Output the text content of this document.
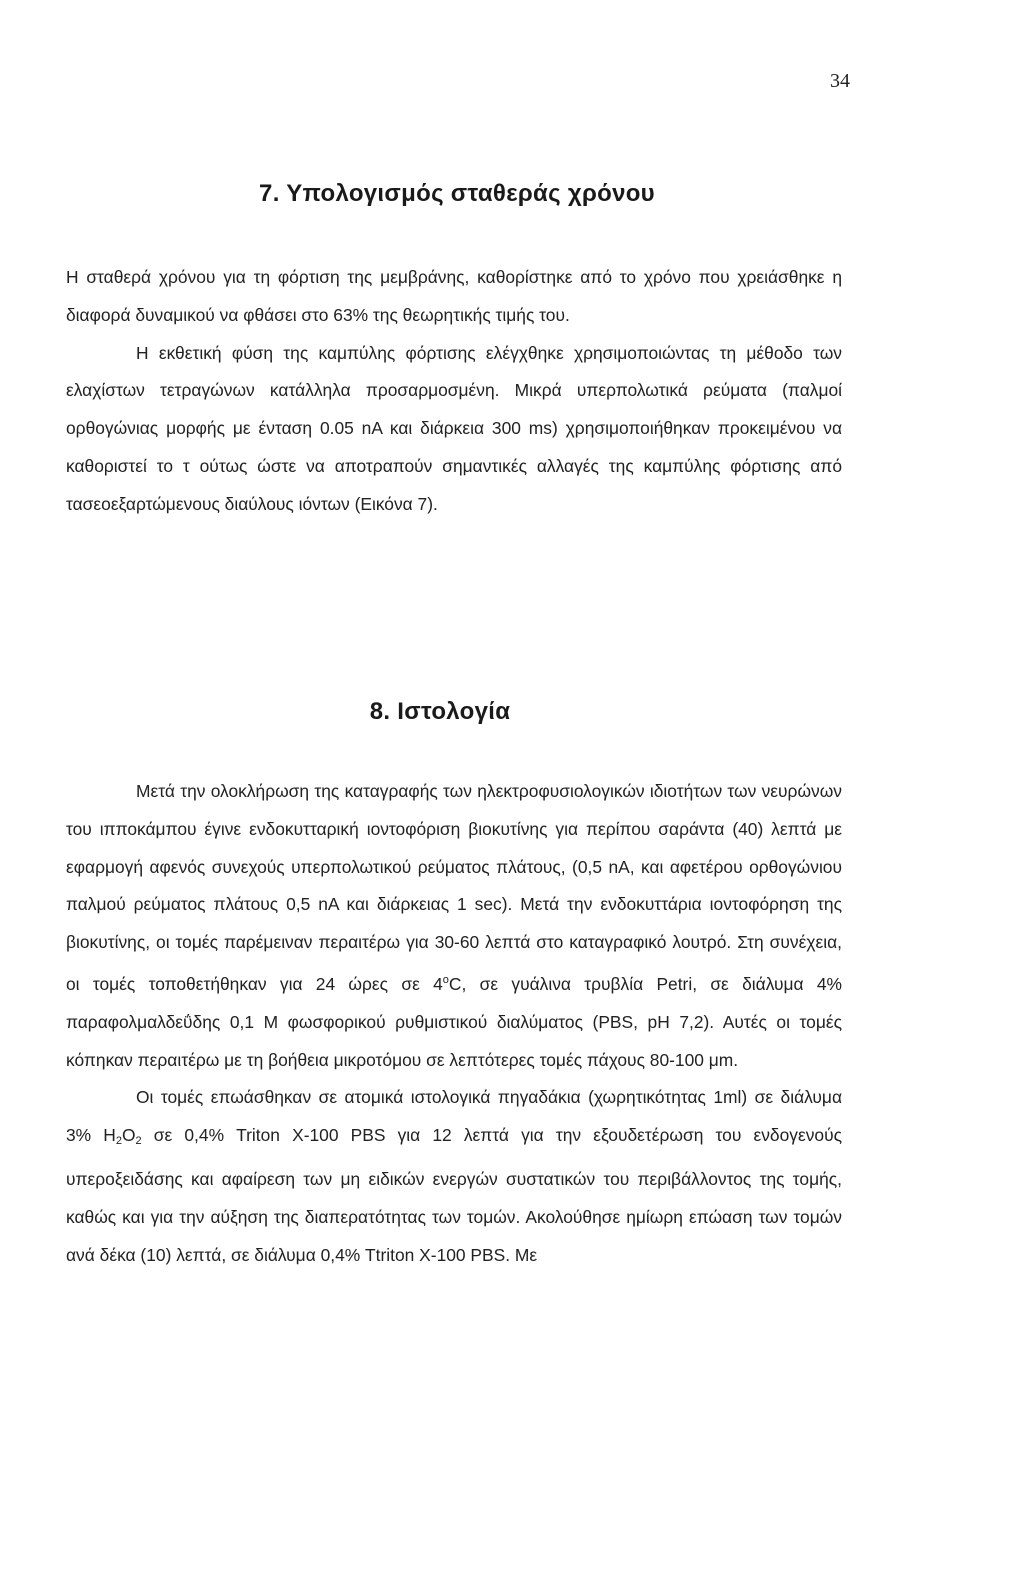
34
7. Υπολογισμός σταθεράς χρόνου

Η σταθερά χρόνου για τη φόρτιση της μεμβράνης, καθορίστηκε από το χρόνο που χρειάσθηκε η διαφορά δυναμικού να φθάσει στο 63% της θεωρητικής τιμής του.

Η εκθετική φύση της καμπύλης φόρτισης ελέγχθηκε χρησιμοποιώντας τη μέθοδο των ελαχίστων τετραγώνων κατάλληλα προσαρμοσμένη. Μικρά υπερπολωτικά ρεύματα (παλμοί ορθογώνιας μορφής με ένταση 0.05 nA και διάρκεια 300 ms) χρησιμοποιήθηκαν προκειμένου να καθοριστεί το τ ούτως ώστε να αποτραπούν σημαντικές αλλαγές της καμπύλης φόρτισης από τασεοεξαρτώμενους διαύλους ιόντων (Εικόνα 7).

8. Ιστολογία

Μετά την ολοκλήρωση της καταγραφής των ηλεκτροφυσιολογικών ιδιοτήτων των νευρώνων του ιπποκάμπου έγινε ενδοκυτταρική ιοντοφόριση βιοκυτίνης για περίπου σαράντα (40) λεπτά με εφαρμογή αφενός συνεχούς υπερπολωτικού ρεύματος πλάτους, (0,5 nA, και αφετέρου ορθογώνιου παλμού ρεύματος πλάτους 0,5 nA και διάρκειας 1 sec). Μετά την ενδοκυττάρια ιοντοφόρηση της βιοκυτίνης, οι τομές παρέμειναν περαιτέρω για 30-60 λεπτά στο καταγραφικό λουτρό. Στη συνέχεια, οι τομές τοποθετήθηκαν για 24 ώρες σε 4$^o$C, σε γυάλινα τρυβλία Petri, σε διάλυμα 4% παραφολμαλδεΰδης 0,1 M φωσφορικού ρυθμιστικού διαλύματος (PBS, pH 7,2). Αυτές οι τομές κόπηκαν περαιτέρω με τη βοήθεια μικροτόμου σε λεπτότερες τομές πάχους 80-100 μm.

Οι τομές επωάσθηκαν σε ατομικά ιστολογικά πηγαδάκια (χωρητικότητας 1ml) σε διάλυμα 3% $H_2O_2$ σε 0,4% Triton X-100 PBS για 12 λεπτά για την εξουδετέρωση του ενδογενούς υπεροξειδάσης και αφαίρεση των μη ειδικών ενεργών συστατικών του περιβάλλοντος της τομής, καθώς και για την αύξηση της διαπερατότητας των τομών. Ακολούθησε ημίωρη επώαση των τομών ανά δέκα (10) λεπτά, σε διάλυμα 0,4% Ttriton X-100 PBS. Με
